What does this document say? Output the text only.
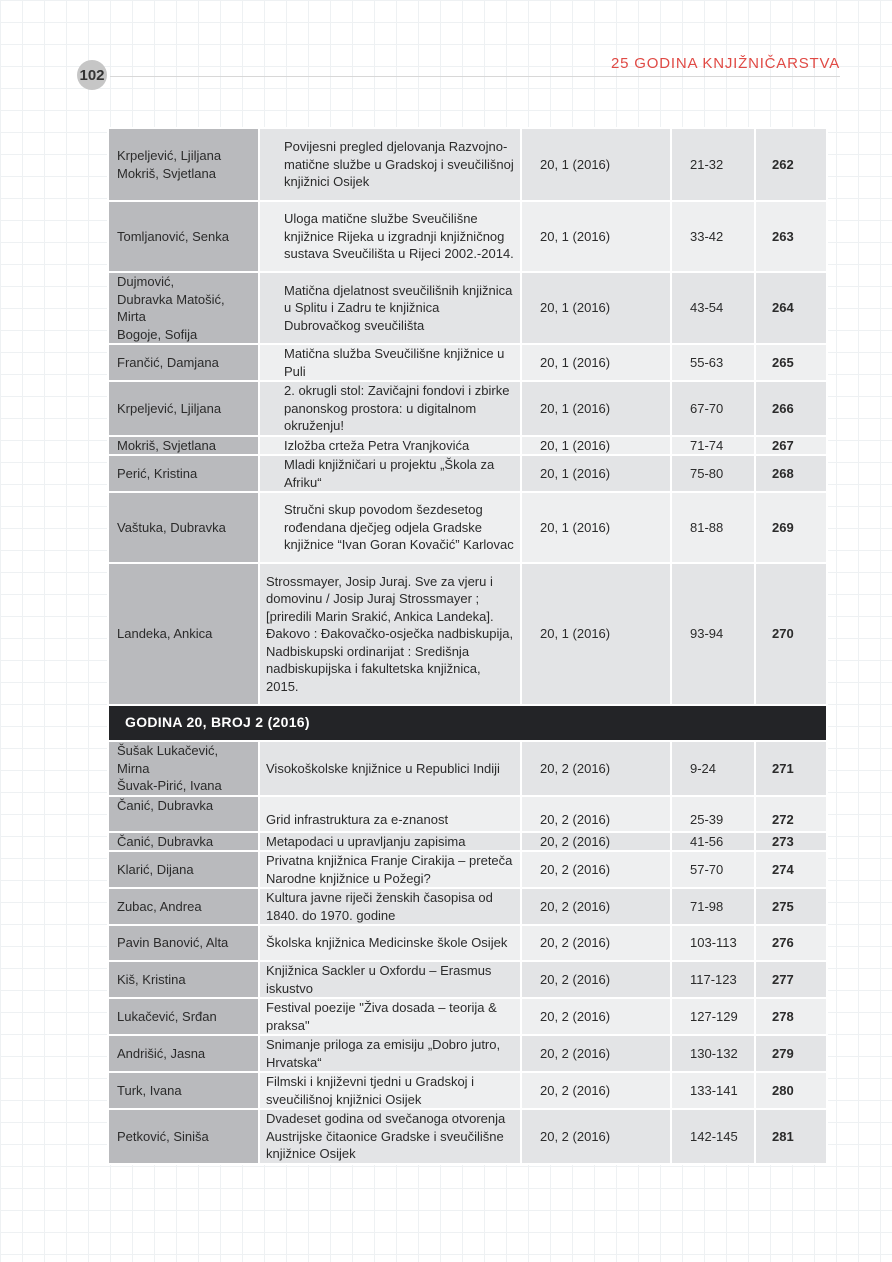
102
25 GODINA KNJIŽNIČARSTVA
Krpeljević, Ljiljana
Mokriš, Svjetlana	Povijesni pregled djelovanja Razvojno-matične službe u Gradskoj i sveučilišnoj knjižnici Osijek	20, 1 (2016)	21-32	262
Tomljanović, Senka	Uloga matične službe Sveučilišne knjižnice Rijeka u izgradnji knjižničnog sustava Sveučilišta u Rijeci 2002.-2014.	20, 1 (2016)	33-42	263
Dujmović,
Dubravka Matošić,
Mirta
Bogoje, Sofija	Matična djelatnost sveučilišnih knjižnica u Splitu i Zadru te knjižnica Dubrovačkog sveučilišta	20, 1 (2016)	43-54	264
Frančić, Damjana	Matična služba Sveučilišne knjižnice u Puli	20, 1 (2016)	55-63	265
Krpeljević, Ljiljana	2. okrugli stol: Zavičajni fondovi i zbirke panonskog prostora: u digitalnom okruženju!	20, 1 (2016)	67-70	266
Mokriš, Svjetlana	Izložba crteža Petra Vranjkovića	20, 1 (2016)	71-74	267
Perić, Kristina	Mladi knjižničari u projektu „Škola za Afriku“	20, 1 (2016)	75-80	268
Vaštuka, Dubravka	Stručni skup povodom šezdesetog rođendana dječjeg odjela Gradske knjižnice “Ivan Goran Kovačić” Karlovac	20, 1 (2016)	81-88	269
Landeka, Ankica	Strossmayer, Josip Juraj. Sve za vjeru i domovinu / Josip Juraj Strossmayer ; [priredili Marin Srakić, Ankica Landeka]. Đakovo : Đakovačko-osječka nadbiskupija, Nadbiskupski ordinarijat : Središnja nadbiskupijska i fakultetska knjižnica,
2015.	20, 1 (2016)	93-94	270
GODINA 20, BROJ 2 (2016)				
Šušak Lukačević,
Mirna
Šuvak-Pirić, Ivana	Visokoškolske knjižnice u Republici Indiji	20, 2 (2016)	9-24	271
Čanić, Dubravka	Grid infrastruktura za e-znanost	20, 2 (2016)	25-39	272
Čanić, Dubravka	Metapodaci u upravljanju zapisima	20, 2 (2016)	41-56	273
Klarić, Dijana	Privatna knjižnica Franje Cirakija – preteča Narodne knjižnice u Požegi?	20, 2 (2016)	57-70	274
Zubac, Andrea	Kultura javne riječi ženskih časopisa od 1840. do 1970. godine	20, 2 (2016)	71-98	275
Pavin Banović, Alta	Školska knjižnica Medicinske škole Osijek	20, 2 (2016)	103-113	276
Kiš, Kristina	Knjižnica Sackler u Oxfordu – Erasmus iskustvo	20, 2 (2016)	117-123	277
Lukačević, Srđan	Festival poezije "Živa dosada – teorija & praksa"	20, 2 (2016)	127-129	278
Andrišić, Jasna	Snimanje priloga za emisiju „Dobro jutro, Hrvatska“	20, 2 (2016)	130-132	279
Turk, Ivana	Filmski i književni tjedni u Gradskoj i sveučilišnoj knjižnici Osijek	20, 2 (2016)	133-141	280
Petković, Siniša	Dvadeset godina od svečanoga otvorenja Austrijske čitaonice Gradske i sveučilišne knjižnice Osijek	20, 2 (2016)	142-145	281
